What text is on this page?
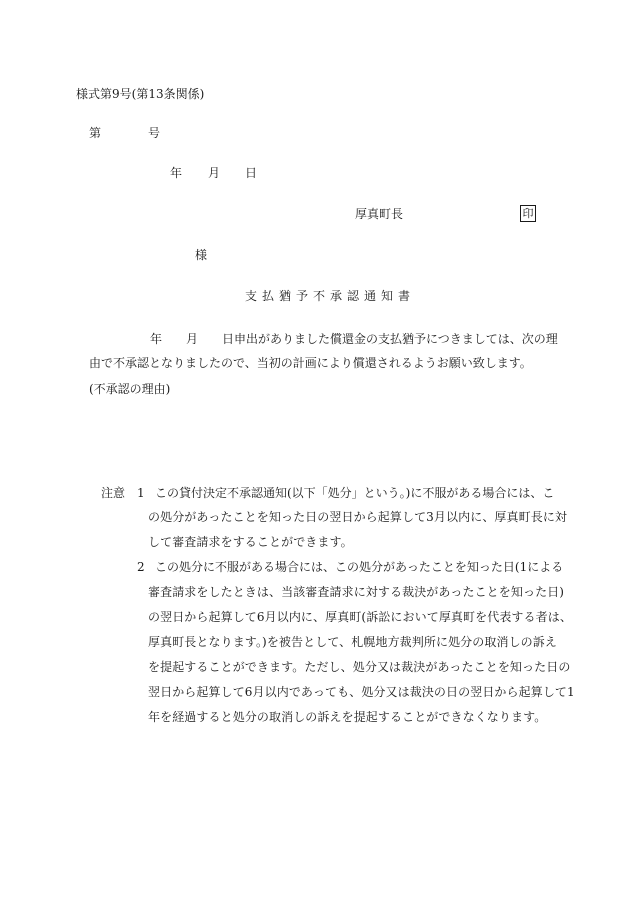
様式第9号(第13条関係)
第	号
年 月 日
厚真町長	印
様
支払猶予不承認通知書
年 月 日申出がありました償還金の支払猶予につきましては、次の理
由で不承認となりましたので、当初の計画により償還されるようお願い致します。
(不承認の理由)
注意 1 この貸付決定不承認通知(以下「処分」という。)に不服がある場合には、こ
の処分があったことを知った日の翌日から起算して3月以内に、厚真町長に対
して審査請求をすることができます。
2 この処分に不服がある場合には、この処分があったことを知った日(1による
審査請求をしたときは、当該審査請求に対する裁決があったことを知った日)
の翌日から起算して6月以内に、厚真町(訴訟において厚真町を代表する者は、
厚真町長となります。)を被告として、札幌地方裁判所に処分の取消しの訴え
を提起することができます。ただし、処分又は裁決があったことを知った日の
翌日から起算して6月以内であっても、処分又は裁決の日の翌日から起算して1
年を経過すると処分の取消しの訴えを提起することができなくなります。
